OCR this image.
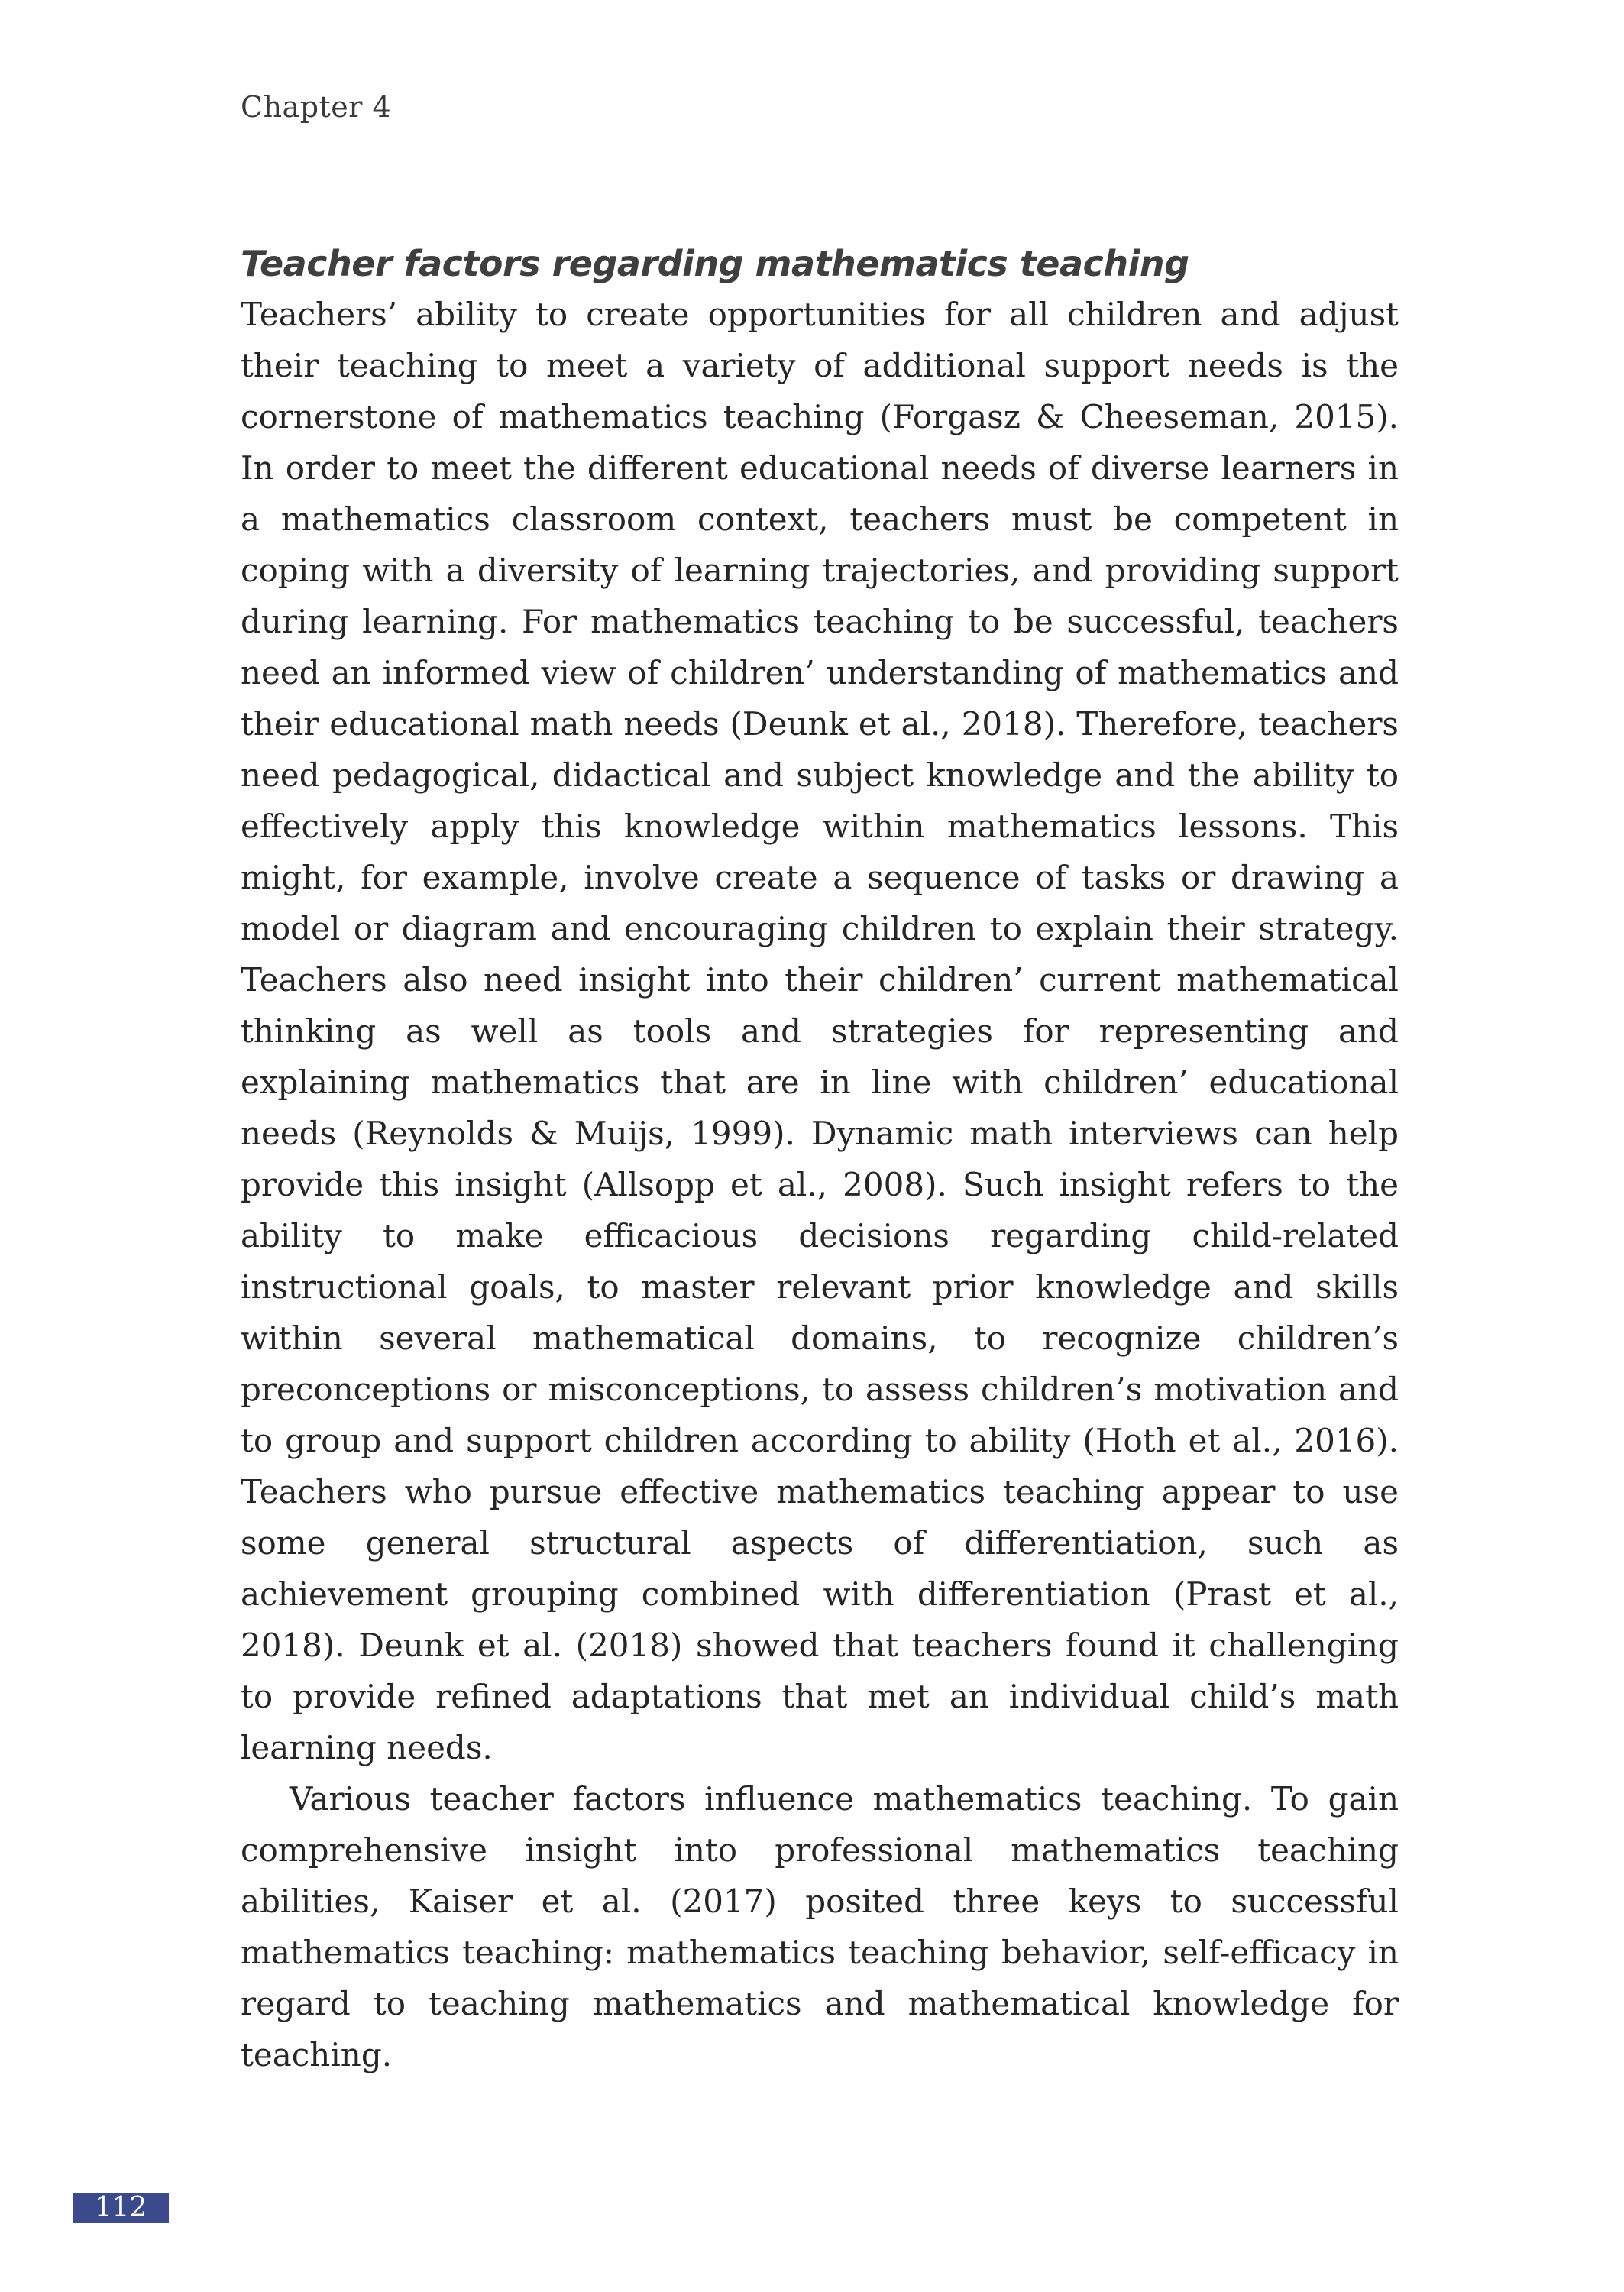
Chapter 4
Teacher factors regarding mathematics teaching

Teachers’ ability to create opportunities for all children and adjust their teaching to meet a variety of additional support needs is the cornerstone of mathematics teaching (Forgasz & Cheeseman, 2015). In order to meet the different educational needs of diverse learners in a mathematics classroom context, teachers must be competent in coping with a diversity of learning trajectories, and providing support during learning. For mathematics teaching to be successful, teachers need an informed view of children’ understanding of mathematics and their educational math needs (Deunk et al., 2018). Therefore, teachers need pedagogical, didactical and subject knowledge and the ability to effectively apply this knowledge within mathematics lessons. This might, for example, involve create a sequence of tasks or drawing a model or diagram and encouraging children to explain their strategy. Teachers also need insight into their children’ current mathematical thinking as well as tools and strategies for representing and explaining mathematics that are in line with children’ educational needs (Reynolds & Muijs, 1999). Dynamic math interviews can help provide this insight (Allsopp et al., 2008). Such insight refers to the ability to make efficacious decisions regarding child-related instructional goals, to master relevant prior knowledge and skills within several mathematical domains, to recognize children’s preconceptions or misconceptions, to assess children’s motivation and to group and support children according to ability (Hoth et al., 2016). Teachers who pursue effective mathematics teaching appear to use some general structural aspects of differentiation, such as achievement grouping combined with differentiation (Prast et al., 2018). Deunk et al. (2018) showed that teachers found it challenging to provide refined adaptations that met an individual child’s math learning needs.

Various teacher factors influence mathematics teaching. To gain comprehensive insight into professional mathematics teaching abilities, Kaiser et al. (2017) posited three keys to successful mathematics teaching: mathematics teaching behavior, self-efficacy in regard to teaching mathematics and mathematical knowledge for teaching.

112
